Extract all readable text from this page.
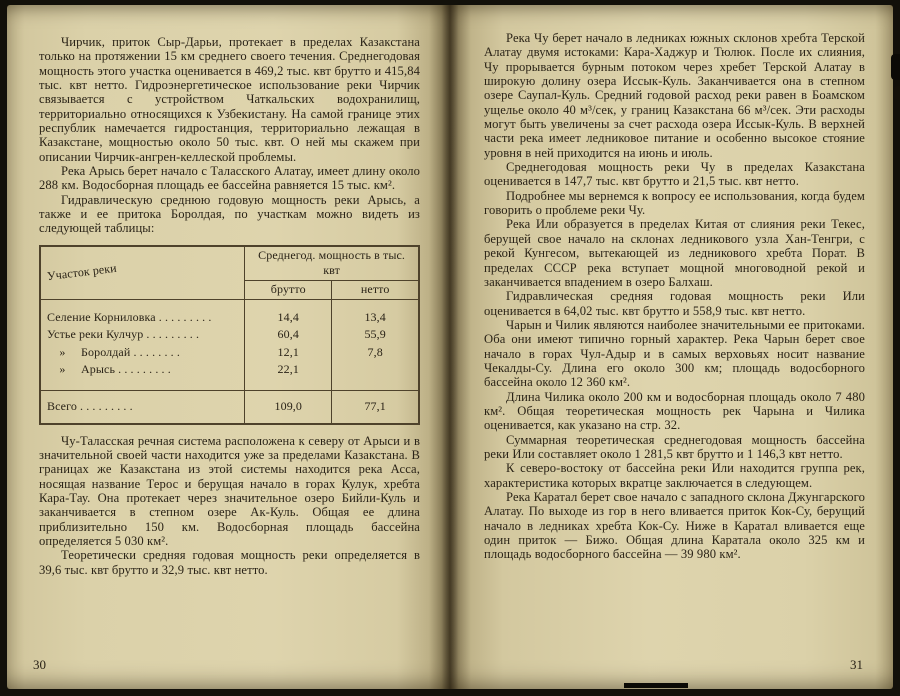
Чирчик, приток Сыр-Дарьи, протекает в пределах Казакстана только на протяжении 15 км среднего своего течения. Среднегодовая мощность этого участка оценивается в 469,2 тыс. квт брутто и 415,84 тыс. квт нетто. Гидроэнергетическое использование реки Чирчик связывается с устройством Чаткальских водохранилищ, территориально относящихся к Узбекистану. На самой границе этих республик намечается гидростанция, территориально лежащая в Казакстане, мощностью около 50 тыс. квт. О ней мы скажем при описании Чирчик-ангрен-келлеской проблемы.

Река Арысь берет начало с Таласского Алатау, имеет длину около 288 км. Водосборная площадь ее бассейна равняется 15 тыс. км².

Гидравлическую среднюю годовую мощность реки Арысь, а также и ее притока Боролдая, по участкам можно видеть из следующей таблицы:

Участок реки	Среднегод. мощность в тыс. квт	
	брутто	нетто
Селение Корниловка . . . . . . . . .	14,4	13,4
Устье реки Кулчур . . . . . . . . .	60,4	55,9
»     Боролдай . . . . . . . .	12,1	7,8
»     Арысь . . . . . . . . .	22,1	
Всего . . . . . . . . .	109,0	77,1

Чу-Таласская речная система расположена к северу от Арыси и в значительной своей части находится уже за пределами Казакстана. В границах же Казакстана из этой системы находится река Асса, носящая название Терос и берущая начало в горах Кулук, хребта Кара-Тау. Она протекает через значительное озеро Бийли-Куль и заканчивается в степном озере Ак-Куль. Общая ее длина приблизительно 150 км. Водосборная площадь бассейна определяется 5 030 км².

Теоретически средняя годовая мощность реки определяется в 39,6 тыс. квт брутто и 32,9 тыс. квт нетто.

30

Река Чу берет начало в ледниках южных склонов хребта Терской Алатау двумя истоками: Кара-Хаджур и Тюлюк. После их слияния, Чу прорывается бурным потоком через хребет Терской Алатау в широкую долину озера Иссык-Куль. Заканчивается она в степном озере Саупал-Куль. Средний годовой расход реки равен в Боамском ущелье около 40 м³/сек, у границ Казакстана 66 м³/сек. Эти расходы могут быть увеличены за счет расхода озера Иссык-Куль. В верхней части река имеет ледниковое питание и особенно высокое стояние уровня в ней приходится на июнь и июль.

Среднегодовая мощность реки Чу в пределах Казакстана оценивается в 147,7 тыс. квт брутто и 21,5 тыс. квт нетто.

Подробнее мы вернемся к вопросу ее использования, когда будем говорить о проблеме реки Чу.

Река Или образуется в пределах Китая от слияния реки Текес, берущей свое начало на склонах ледникового узла Хан-Тенгри, с рекой Кунгесом, вытекающей из ледникового хребта Порат. В пределах СССР река вступает мощной многоводной рекой и заканчивается впадением в озеро Балхаш.

Гидравлическая средняя годовая мощность реки Или оценивается в 64,02 тыс. квт брутто и 558,9 тыс. квт нетто.

Чарын и Чилик являются наиболее значительными ее притоками. Оба они имеют типично горный характер. Река Чарын берет свое начало в горах Чул-Адыр и в самых верховьях носит название Чекалды-Су. Длина его около 300 км; площадь водосборного бассейна около 12 360 км².

Длина Чилика около 200 км и водосборная площадь около 7 480 км². Общая теоретическая мощность рек Чарына и Чилика оценивается, как указано на стр. 32.

Суммарная теоретическая среднегодовая мощность бассейна реки Или составляет около 1 281,5 квт брутто и 1 146,3 квт нетто.

К северо-востоку от бассейна реки Или находится группа рек, характеристика которых вкратце заключается в следующем.

Река Каратал берет свое начало с западного склона Джунгарского Алатау. По выходе из гор в него вливается приток Кок-Су, берущий начало в ледниках хребта Кок-Су. Ниже в Каратал вливается еще один приток — Бижо. Общая длина Каратала около 325 км и площадь водосборного бассейна — 39 980 км².

31
